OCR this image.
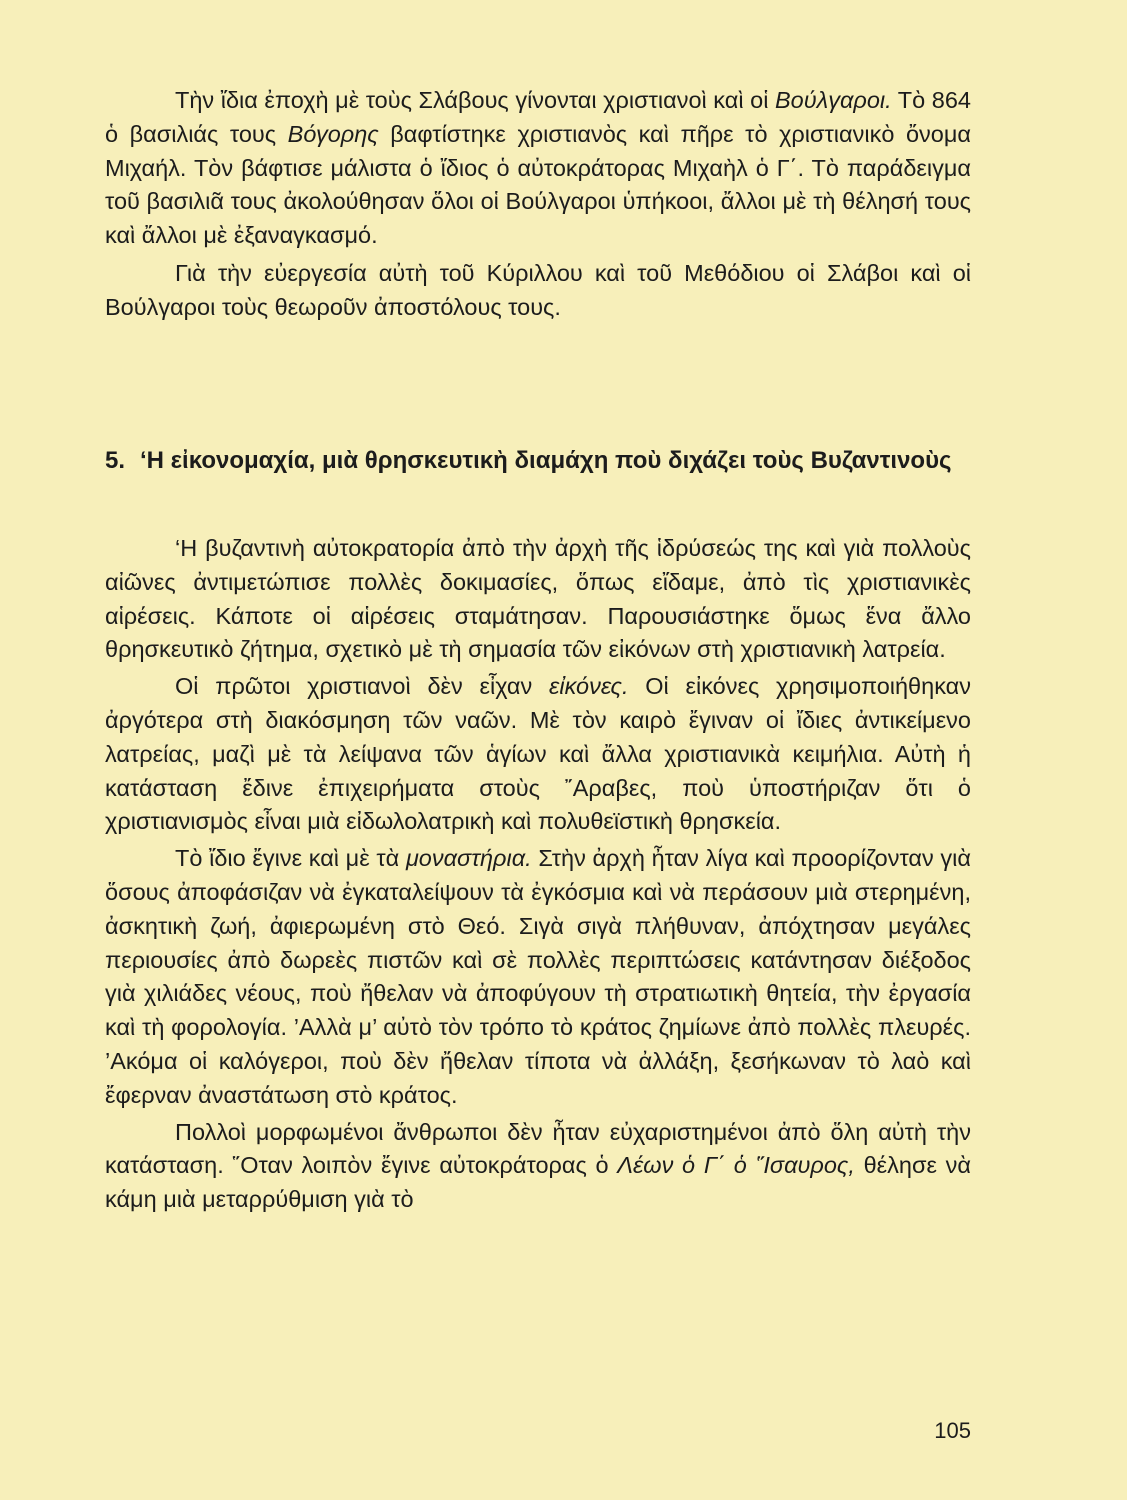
Τὴν ἴδια ἐποχὴ μὲ τοὺς Σλάβους γίνονται χριστιανοὶ καὶ οἱ Βούλγαροι. Τὸ 864 ὁ βασιλιάς τους Βόγορης βαφτίστηκε χριστιανὸς καὶ πῆρε τὸ χριστιανικὸ ὄνομα Μιχαήλ. Τὸν βάφτισε μάλιστα ὁ ἴδιος ὁ αὐτοκράτορας Μιχαὴλ ὁ Γ΄. Τὸ παράδειγμα τοῦ βασιλιᾶ τους ἀκολούθησαν ὅλοι οἱ Βούλγαροι ὑπήκοοι, ἄλλοι μὲ τὴ θέλησή τους καὶ ἄλλοι μὲ ἐξαναγκασμό.

Γιὰ τὴν εὐεργεσία αὐτὴ τοῦ Κύριλλου καὶ τοῦ Μεθόδιου οἱ Σλάβοι καὶ οἱ Βούλγαροι τοὺς θεωροῦν ἀποστόλους τους.

5. ‘Η εἰκονομαχία, μιὰ θρησκευτικὴ διαμάχη ποὺ διχάζει τοὺς Βυζαντινοὺς

‘Η βυζαντινὴ αὐτοκρατορία ἀπὸ τὴν ἀρχὴ τῆς ἱδρύσεώς της καὶ γιὰ πολλοὺς αἰῶνες ἀντιμετώπισε πολλὲς δοκιμασίες, ὅπως εἴδαμε, ἀπὸ τὶς χριστιανικὲς αἱρέσεις. Κάποτε οἱ αἱρέσεις σταμάτησαν. Παρουσιάστηκε ὅμως ἕνα ἄλλο θρησκευτικὸ ζήτημα, σχετικὸ μὲ τὴ σημασία τῶν εἰκόνων στὴ χριστιανικὴ λατρεία.

Οἱ πρῶτοι χριστιανοὶ δὲν εἶχαν εἰκόνες. Οἱ εἰκόνες χρησιμοποιήθηκαν ἀργότερα στὴ διακόσμηση τῶν ναῶν. Μὲ τὸν καιρὸ ἔγιναν οἱ ἴδιες ἀντικείμενο λατρείας, μαζὶ μὲ τὰ λείψανα τῶν ἁγίων καὶ ἄλλα χριστιανικὰ κειμήλια. Αὐτὴ ἡ κατάσταση ἔδινε ἐπιχειρήματα στοὺς ῎Αραβες, ποὺ ὑποστήριζαν ὅτι ὁ χριστιανισμὸς εἶναι μιὰ εἰδωλολατρικὴ καὶ πολυθεϊστικὴ θρησκεία.

Τὸ ἴδιο ἔγινε καὶ μὲ τὰ μοναστήρια. Στὴν ἀρχὴ ἦταν λίγα καὶ προορίζονταν γιὰ ὅσους ἀποφάσιζαν νὰ ἐγκαταλείψουν τὰ ἐγκόσμια καὶ νὰ περάσουν μιὰ στερημένη, ἀσκητικὴ ζωή, ἀφιερωμένη στὸ Θεό. Σιγὰ σιγὰ πλήθυναν, ἀπόχτησαν μεγάλες περιουσίες ἀπὸ δωρεὲς πιστῶν καὶ σὲ πολλὲς περιπτώσεις κατάντησαν διέξοδος γιὰ χιλιάδες νέους, ποὺ ἤθελαν νὰ ἀποφύγουν τὴ στρατιωτικὴ θητεία, τὴν ἐργασία καὶ τὴ φορολογία. ’Αλλὰ μ’ αὐτὸ τὸν τρόπο τὸ κράτος ζημίωνε ἀπὸ πολλὲς πλευρές. ’Ακόμα οἱ καλόγεροι, ποὺ δὲν ἤθελαν τίποτα νὰ ἀλλάξη, ξεσήκωναν τὸ λαὸ καὶ ἔφερναν ἀναστάτωση στὸ κράτος.

Πολλοὶ μορφωμένοι ἄνθρωποι δὲν ἦταν εὐχαριστημένοι ἀπὸ ὅλη αὐτὴ τὴν κατάσταση. ῞Οταν λοιπὸν ἔγινε αὐτοκράτορας ὁ Λέων ὁ Γ΄ ὁ ῞Ισαυρος, θέλησε νὰ κάμη μιὰ μεταρρύθμιση γιὰ τὸ

105
